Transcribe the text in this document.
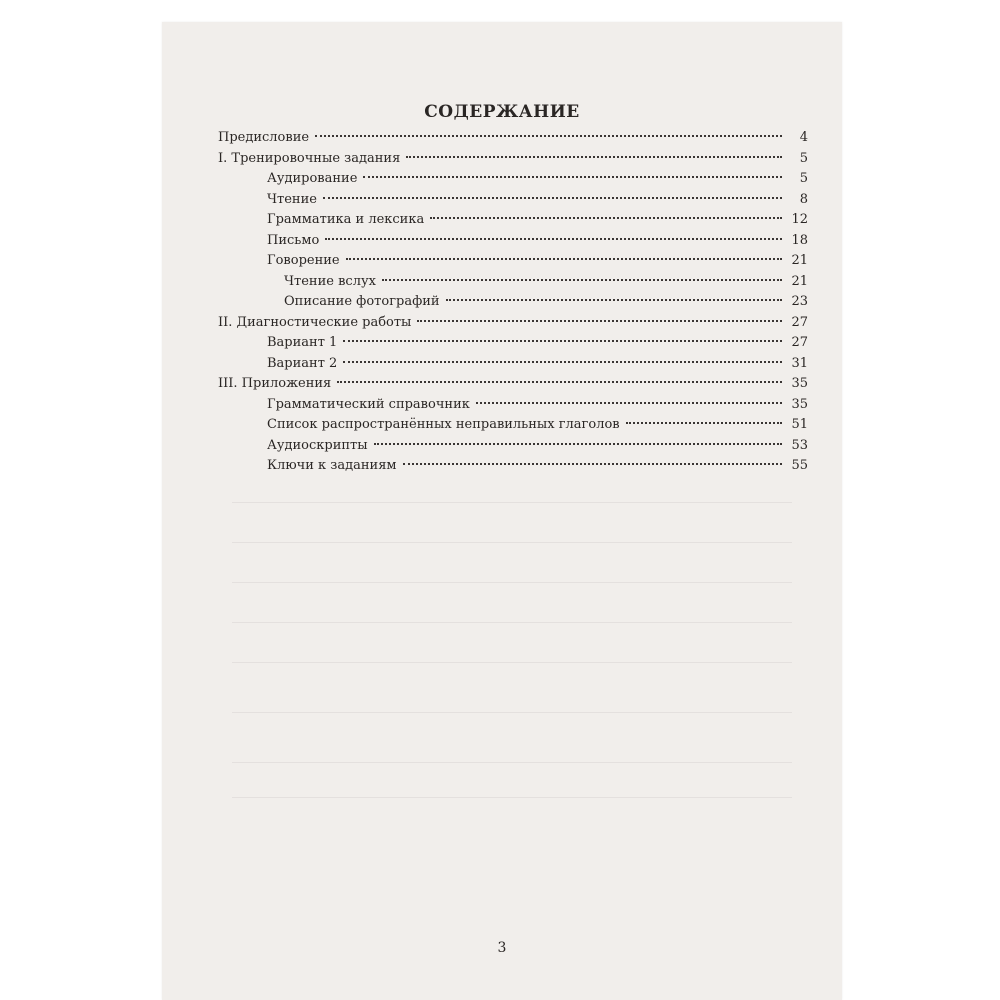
СОДЕРЖАНИЕ
Предисловие	4
I. Тренировочные задания	5
Аудирование	5
Чтение	8
Грамматика и лексика	12
Письмо	18
Говорение	21
Чтение вслух	21
Описание фотографий	23
II. Диагностические работы	27
Вариант 1	27
Вариант 2	31
III. Приложения	35
Грамматический справочник	35
Список распространённых неправильных глаголов	51
Аудиоскрипты	53
Ключи к заданиям	55
3
